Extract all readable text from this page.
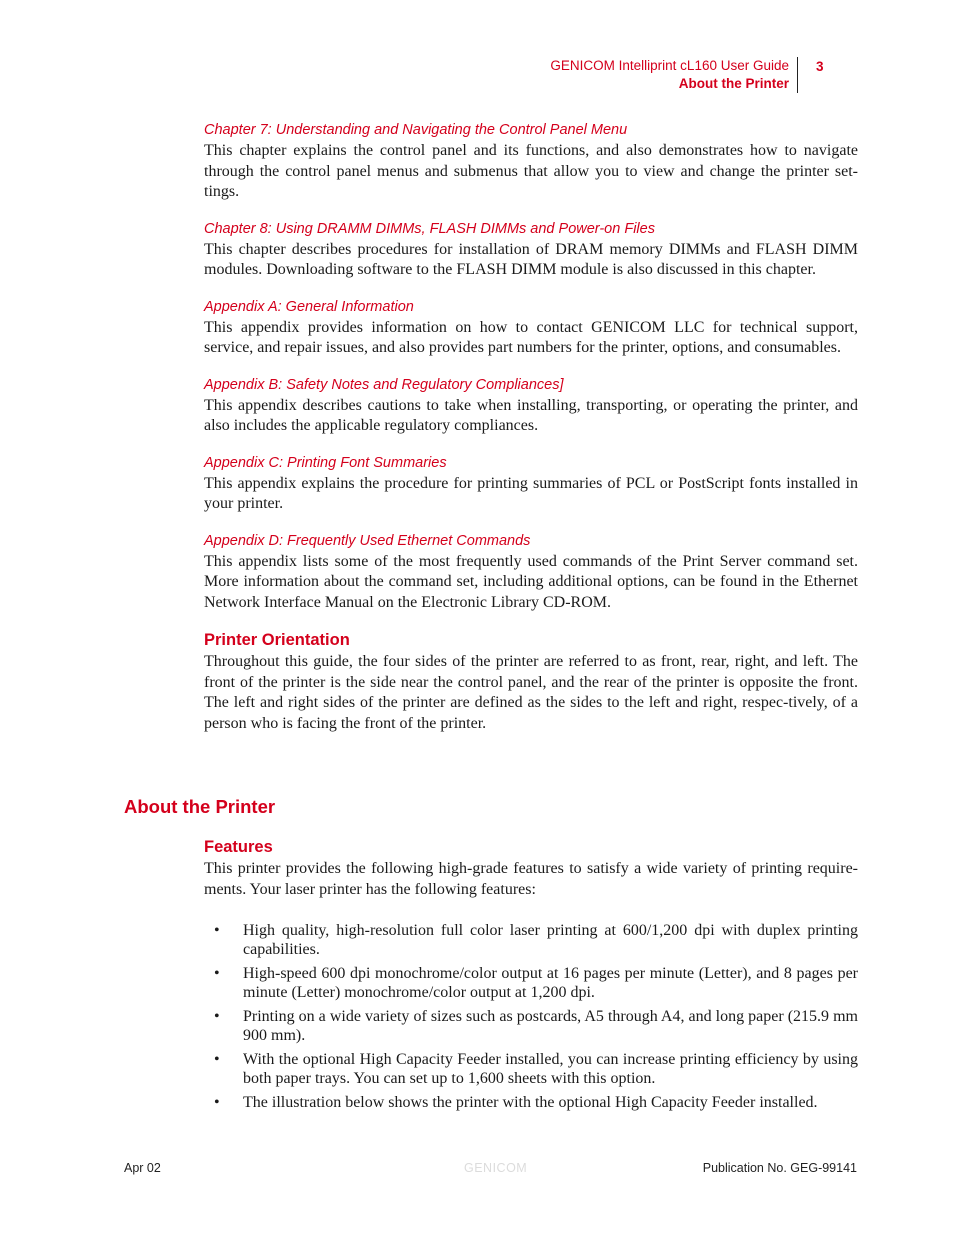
GENICOM Intelliprint cL160 User Guide
About the Printer
3

Chapter 7: Understanding and Navigating the Control Panel Menu

This chapter explains the control panel and its functions, and also demonstrates how to navigate through the control panel menus and submenus that allow you to view and change the printer set-tings.

Chapter 8: Using DRAMM DIMMs, FLASH DIMMs and Power-on Files

This chapter describes procedures for installation of DRAM memory DIMMs and FLASH DIMM modules. Downloading software to the FLASH DIMM module is also discussed in this chapter.

Appendix A: General Information

This appendix provides information on how to contact GENICOM LLC for technical support, service, and repair issues, and also provides part numbers for the printer, options, and consumables.

Appendix B: Safety Notes and Regulatory Compliances]

This appendix describes cautions to take when installing, transporting, or operating the printer, and also includes the applicable regulatory compliances.

Appendix C: Printing Font Summaries

This appendix explains the procedure for printing summaries of PCL or PostScript fonts installed in your printer.

Appendix D: Frequently Used Ethernet Commands

This appendix lists some of the most frequently used commands of the Print Server command set. More information about the command set, including additional options, can be found in the Ethernet Network Interface Manual on the Electronic Library CD-ROM.

Printer Orientation

Throughout this guide, the four sides of the printer are referred to as front, rear, right, and left. The front of the printer is the side near the control panel, and the rear of the printer is opposite the front. The left and right sides of the printer are defined as the sides to the left and right, respec-tively, of a person who is facing the front of the printer.

About the Printer
Features

This printer provides the following high-grade features to satisfy a wide variety of printing require-ments. Your laser printer has the following features:

• High quality, high-resolution full color laser printing at 600/1,200 dpi with duplex printing capabilities.
• High-speed 600 dpi monochrome/color output at 16 pages per minute (Letter), and 8 pages per minute (Letter) monochrome/color output at 1,200 dpi.
• Printing on a wide variety of sizes such as postcards, A5 through A4, and long paper (215.9 mm 900 mm).
• With the optional High Capacity Feeder installed, you can increase printing efficiency by using both paper trays. You can set up to 1,600 sheets with this option.
• The illustration below shows the printer with the optional High Capacity Feeder installed.
Apr 02	GENICOM	Publication No. GEG-99141
